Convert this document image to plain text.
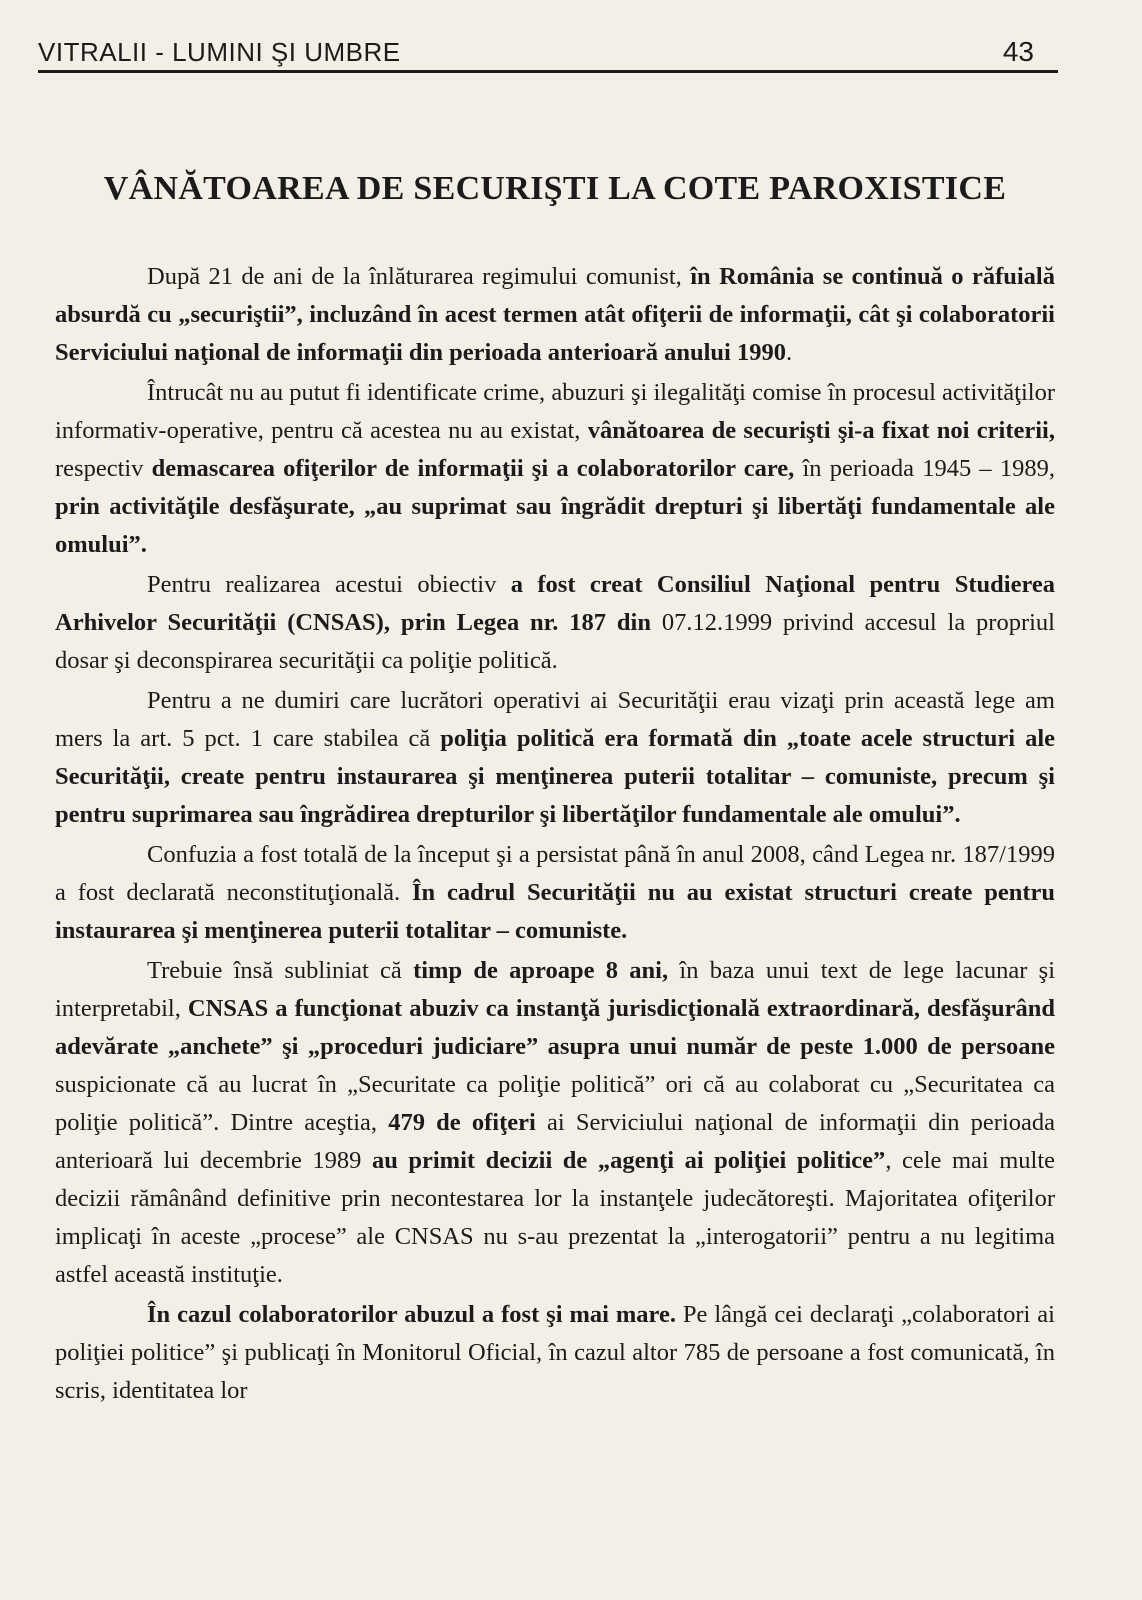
VITRALII - LUMINI ŞI UMBRE	43
VÂNĂTOAREA DE SECURIŞTI LA COTE PAROXISTICE

După 21 de ani de la înlăturarea regimului comunist, în România se continuă o răfuială absurdă cu „securiştii”, incluzând în acest termen atât ofiţerii de informaţii, cât şi colaboratorii Serviciului naţional de informaţii din perioada anterioară anului 1990.

Întrucât nu au putut fi identificate crime, abuzuri şi ilegalităţi comise în procesul activităţilor informativ-operative, pentru că acestea nu au existat, vânătoarea de securişti şi-a fixat noi criterii, respectiv demascarea ofiţerilor de informaţii şi a colaboratorilor care, în perioada 1945 – 1989, prin activităţile desfăşurate, „au suprimat sau îngrădit drepturi şi libertăţi fundamentale ale omului”.

Pentru realizarea acestui obiectiv a fost creat Consiliul Naţional pentru Studierea Arhivelor Securităţii (CNSAS), prin Legea nr. 187 din 07.12.1999 privind accesul la propriul dosar şi deconspirarea securităţii ca poliţie politică.

Pentru a ne dumiri care lucrători operativi ai Securităţii erau vizaţi prin această lege am mers la art. 5 pct. 1 care stabilea că poliţia politică era formată din „toate acele structuri ale Securităţii, create pentru instaurarea şi menţinerea puterii totalitar – comuniste, precum şi pentru suprimarea sau îngrădirea drepturilor şi libertăţilor fundamentale ale omului”.

Confuzia a fost totală de la început şi a persistat până în anul 2008, când Legea nr. 187/1999 a fost declarată neconstituţională. În cadrul Securităţii nu au existat structuri create pentru instaurarea şi menţinerea puterii totalitar – comuniste.

Trebuie însă subliniat că timp de aproape 8 ani, în baza unui text de lege lacunar şi interpretabil, CNSAS a funcţionat abuziv ca instanţă jurisdicţională extraordinară, desfăşurând adevărate „anchete” şi „proceduri judiciare” asupra unui număr de peste 1.000 de persoane suspicionate că au lucrat în „Securitate ca poliţie politică” ori că au colaborat cu „Securitatea ca poliţie politică”. Dintre aceştia, 479 de ofiţeri ai Serviciului naţional de informaţii din perioada anterioară lui decembrie 1989 au primit decizii de „agenţi ai poliţiei politice”, cele mai multe decizii rămânând definitive prin necontestarea lor la instanţele judecătoreşti. Majoritatea ofiţerilor implicaţi în aceste „procese” ale CNSAS nu s-au prezentat la „interogatorii” pentru a nu legitima astfel această instituţie.

În cazul colaboratorilor abuzul a fost şi mai mare. Pe lângă cei declaraţi „colaboratori ai poliţiei politice” şi publicaţi în Monitorul Oficial, în cazul altor 785 de persoane a fost comunicată, în scris, identitatea lor
